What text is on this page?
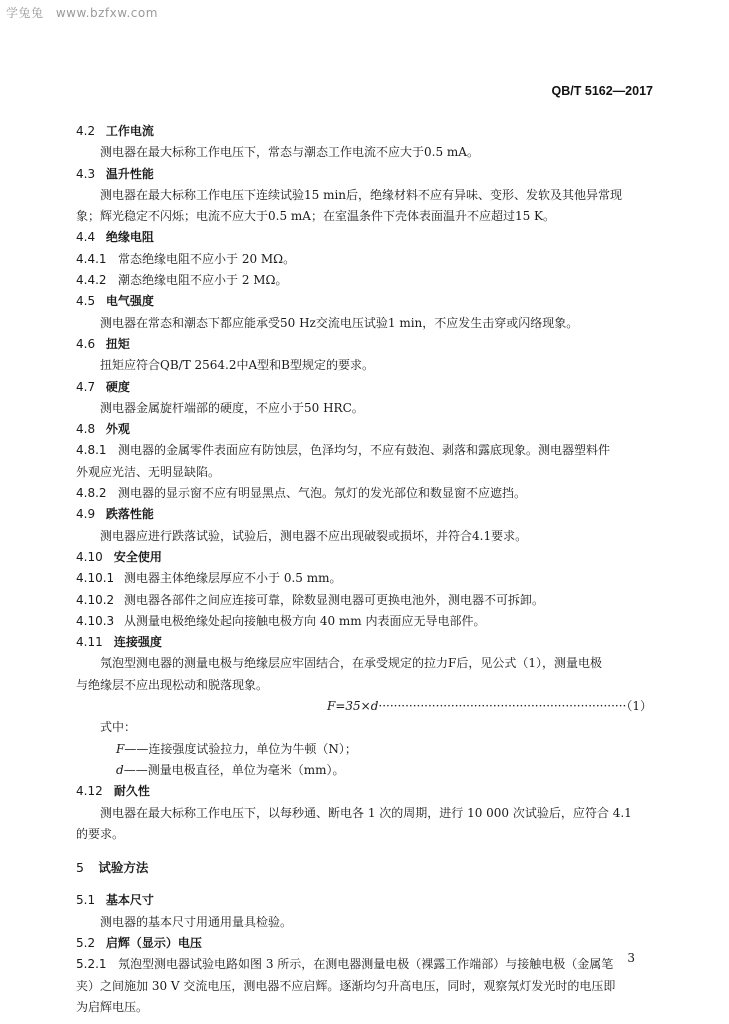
学兔兔 www.bzfxw.com
QB/T 5162—2017
4.2 工作电流
测电器在最大标称工作电压下，常态与潮态工作电流不应大于0.5 mA。
4.3 温升性能
测电器在最大标称工作电压下连续试验15 min后，绝缘材料不应有异味、变形、发软及其他异常现
象；辉光稳定不闪烁；电流不应大于0.5 mA；在室温条件下壳体表面温升不应超过15 K。
4.4 绝缘电阻
4.4.1 常态绝缘电阻不应小于 20 MΩ。
4.4.2 潮态绝缘电阻不应小于 2 MΩ。
4.5 电气强度
测电器在常态和潮态下都应能承受50 Hz交流电压试验1 min，不应发生击穿或闪络现象。
4.6 扭矩
扭矩应符合QB/T 2564.2中A型和B型规定的要求。
4.7 硬度
测电器金属旋杆端部的硬度，不应小于50 HRC。
4.8 外观
4.8.1 测电器的金属零件表面应有防蚀层，色泽均匀，不应有鼓泡、剥落和露底现象。测电器塑料件
外观应光洁、无明显缺陷。
4.8.2 测电器的显示窗不应有明显黑点、气泡。氖灯的发光部位和数显窗不应遮挡。
4.9 跌落性能
测电器应进行跌落试验，试验后，测电器不应出现破裂或损坏，并符合4.1要求。
4.10 安全使用
4.10.1 测电器主体绝缘层厚应不小于 0.5 mm。
4.10.2 测电器各部件之间应连接可靠，除数显测电器可更换电池外，测电器不可拆卸。
4.10.3 从测量电极绝缘处起向接触电极方向 40 mm 内表面应无导电部件。
4.11 连接强度
氖泡型测电器的测量电极与绝缘层应牢固结合，在承受规定的拉力F后，见公式（1），测量电极
与绝缘层不应出现松动和脱落现象。
F=35×d·································································（1）
式中：
F——连接强度试验拉力，单位为牛顿（N）；
d——测量电极直径，单位为毫米（mm）。
4.12 耐久性
测电器在最大标称工作电压下，以每秒通、断电各 1 次的周期，进行 10 000 次试验后，应符合 4.1
的要求。
5 试验方法
5.1 基本尺寸
测电器的基本尺寸用通用量具检验。
5.2 启辉（显示）电压
5.2.1 氖泡型测电器试验电路如图 3 所示，在测电器测量电极（裸露工作端部）与接触电极（金属笔
夹）之间施加 30 V 交流电压，测电器不应启辉。逐渐均匀升高电压，同时，观察氖灯发光时的电压即
为启辉电压。
3
